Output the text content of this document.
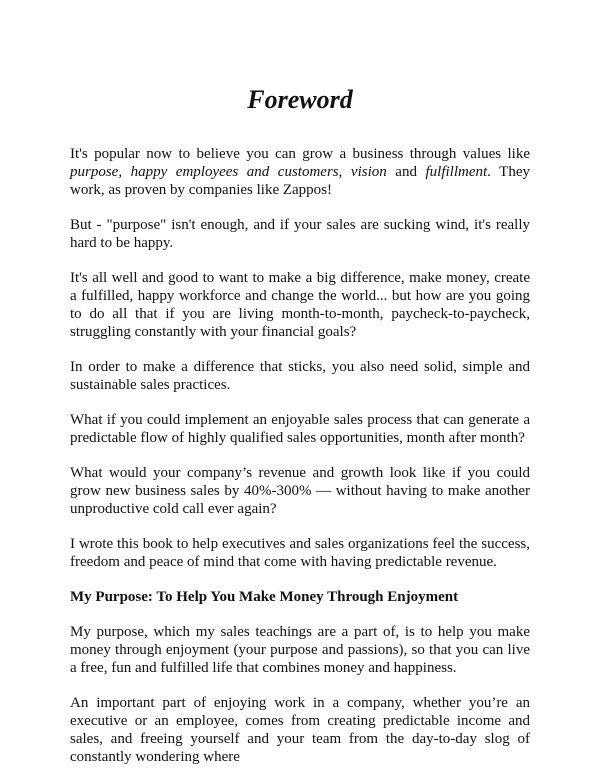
Foreword

It's popular now to believe you can grow a business through values like purpose, happy employees and customers, vision and fulfillment. They work, as proven by companies like Zappos!

But - "purpose" isn't enough, and if your sales are sucking wind, it's really hard to be happy.

It's all well and good to want to make a big difference, make money, create a fulfilled, happy workforce and change the world... but how are you going to do all that if you are living month-to-month, paycheck-to-paycheck, struggling constantly with your financial goals?

In order to make a difference that sticks, you also need solid, simple and sustainable sales practices.

What if you could implement an enjoyable sales process that can generate a predictable flow of highly qualified sales opportunities, month after month?

What would your company’s revenue and growth look like if you could grow new business sales by 40%-300% — without having to make another unproductive cold call ever again?

I wrote this book to help executives and sales organizations feel the success, freedom and peace of mind that come with having predictable revenue.

My Purpose: To Help You Make Money Through Enjoyment

My purpose, which my sales teachings are a part of, is to help you make money through enjoyment (your purpose and passions), so that you can live a free, fun and fulfilled life that combines money and happiness.

An important part of enjoying work in a company, whether you’re an executive or an employee, comes from creating predictable income and sales, and freeing yourself and your team from the day-to-day slog of constantly wondering where
